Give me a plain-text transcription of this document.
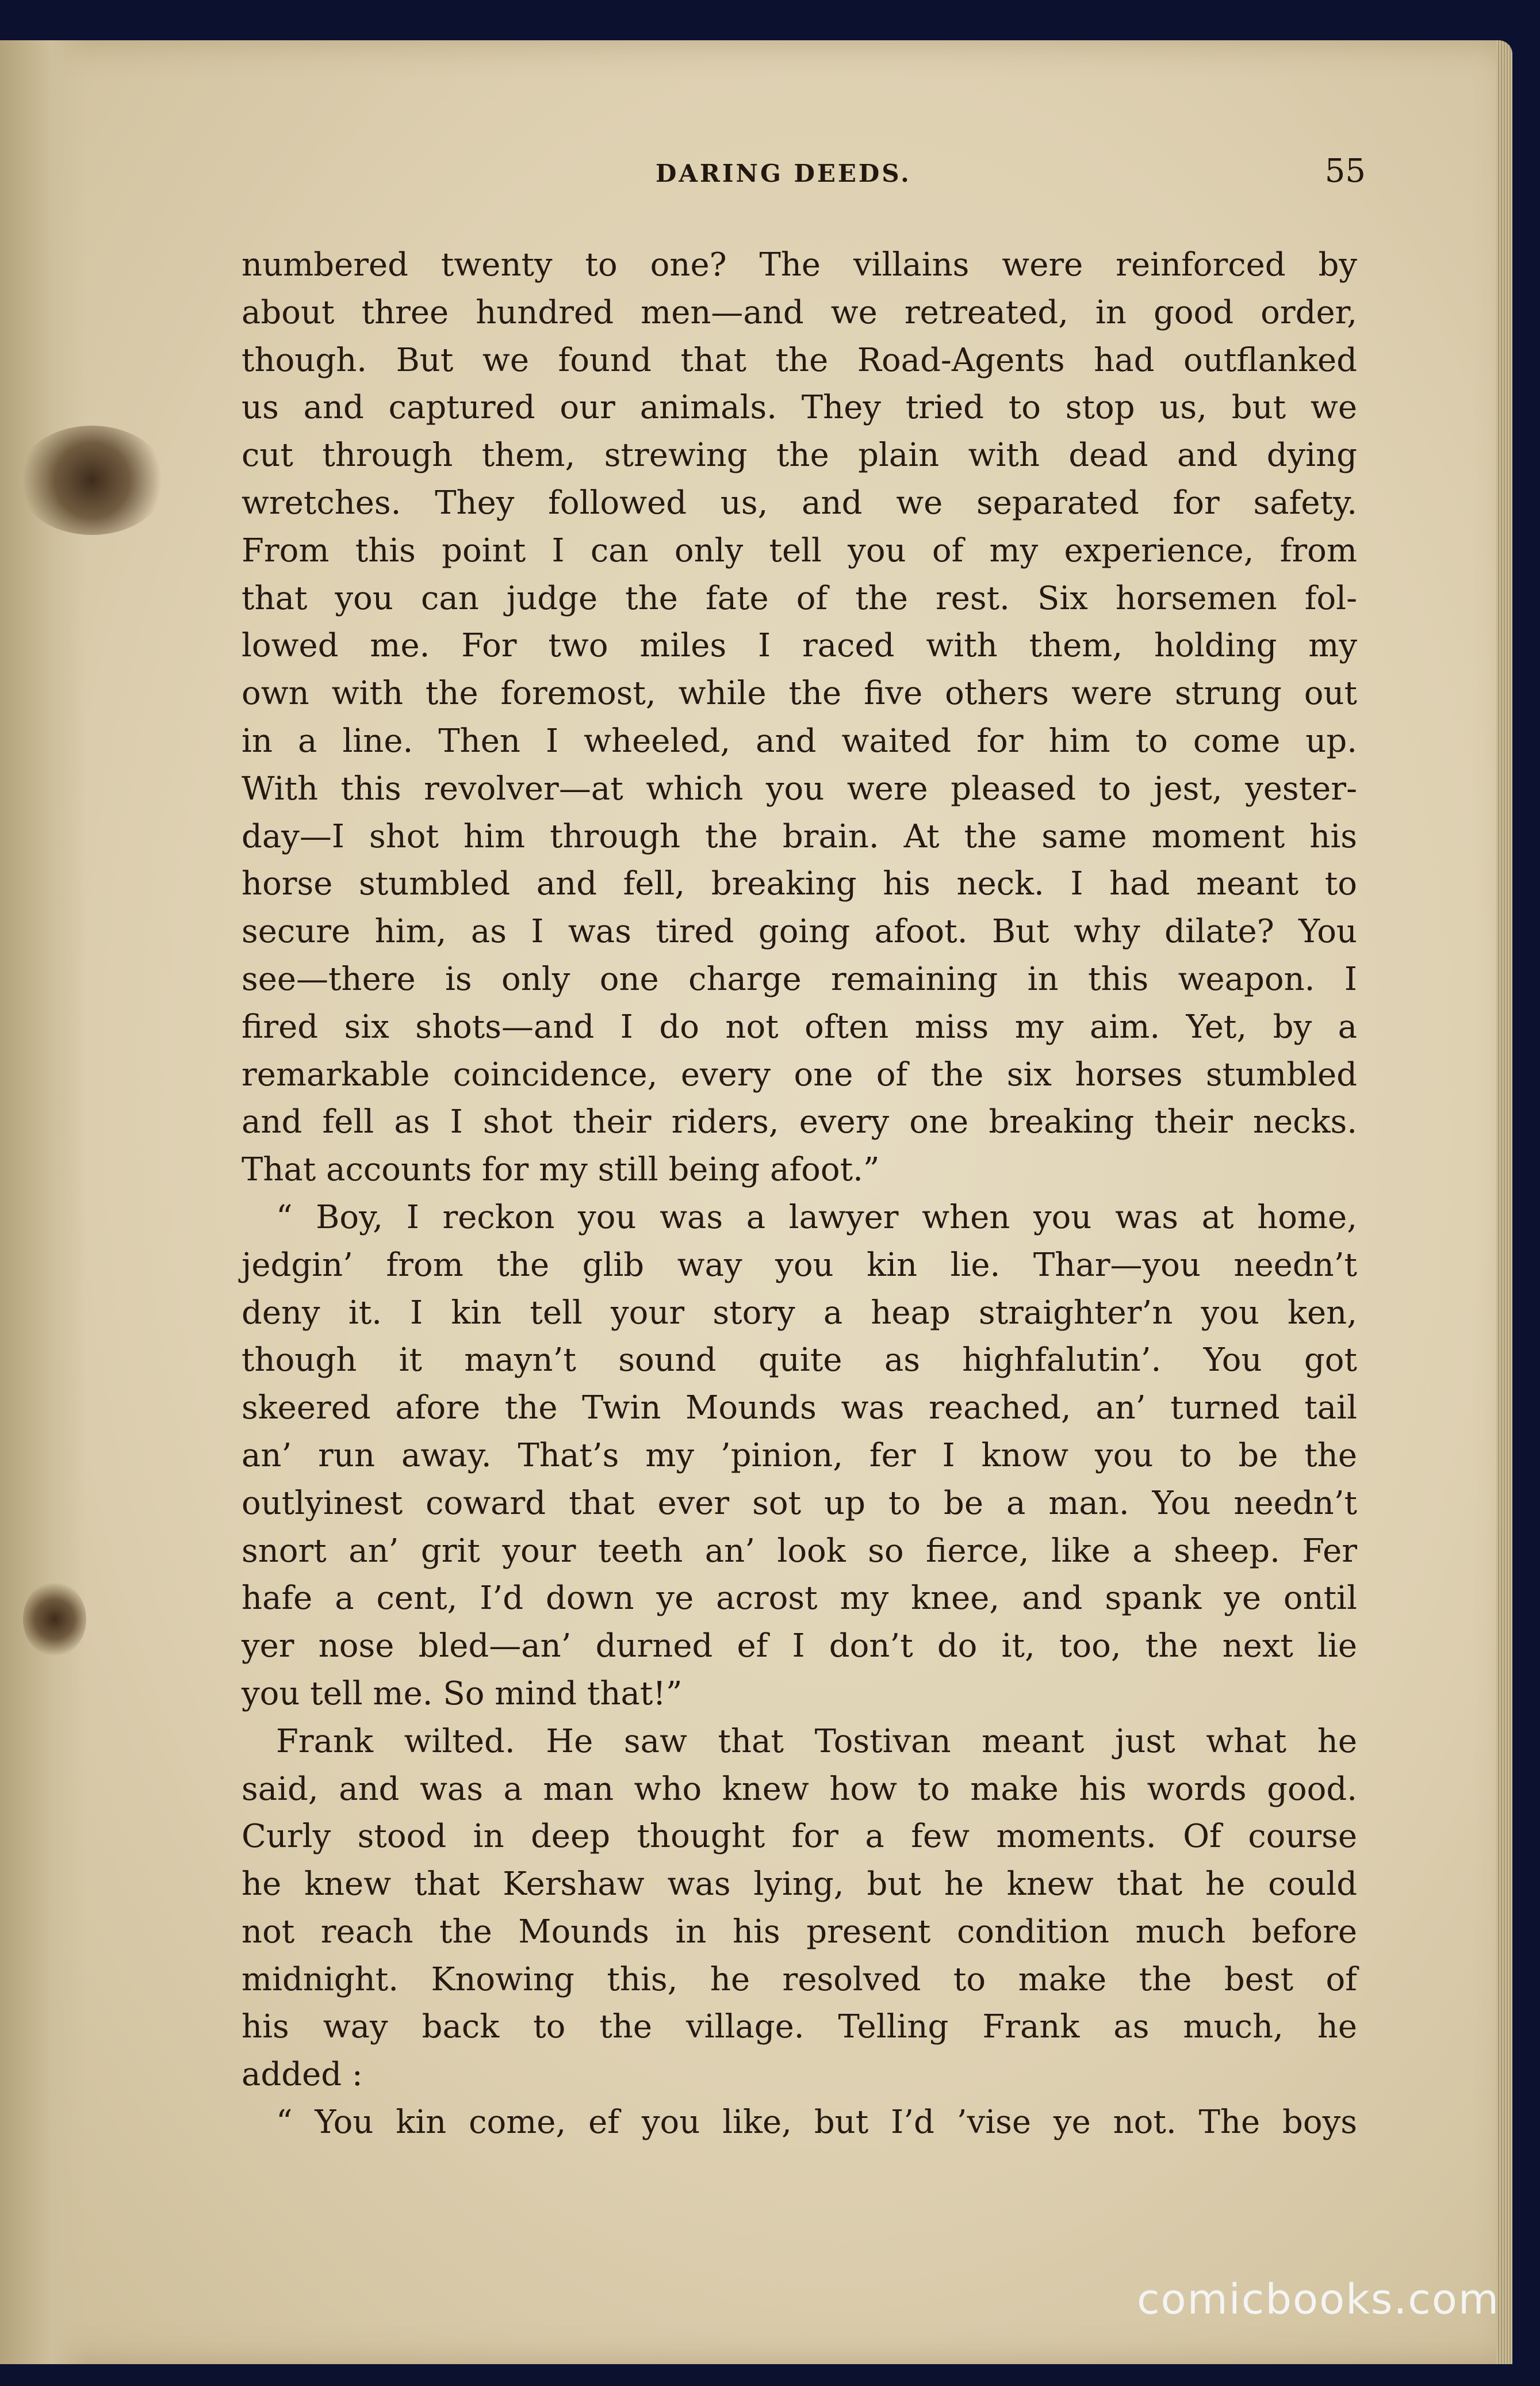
DARING DEEDS.	55
numbered twenty to one? The villains were reinforced by
about three hundred men—and we retreated, in good order,
though. But we found that the Road-Agents had outflanked
us and captured our animals. They tried to stop us, but we
cut through them, strewing the plain with dead and dying
wretches. They followed us, and we separated for safety.
From this point I can only tell you of my experience, from
that you can judge the fate of the rest. Six horsemen fol-
lowed me. For two miles I raced with them, holding my
own with the foremost, while the five others were strung out
in a line. Then I wheeled, and waited for him to come up.
With this revolver—at which you were pleased to jest, yester-
day—I shot him through the brain. At the same moment his
horse stumbled and fell, breaking his neck. I had meant to
secure him, as I was tired going afoot. But why dilate? You
see—there is only one charge remaining in this weapon. I
fired six shots—and I do not often miss my aim. Yet, by a
remarkable coincidence, every one of the six horses stumbled
and fell as I shot their riders, every one breaking their necks.
That accounts for my still being afoot.”
“ Boy, I reckon you was a lawyer when you was at home,
jedgin’ from the glib way you kin lie. Thar—you needn’t
deny it. I kin tell your story a heap straighter’n you ken,
though it mayn’t sound quite as highfalutin’. You got
skeered afore the Twin Mounds was reached, an’ turned tail
an’ run away. That’s my ’pinion, fer I know you to be the
outlyinest coward that ever sot up to be a man. You needn’t
snort an’ grit your teeth an’ look so fierce, like a sheep. Fer
hafe a cent, I’d down ye acrost my knee, and spank ye ontil
yer nose bled—an’ durned ef I don’t do it, too, the next lie
you tell me. So mind that!”
Frank wilted. He saw that Tostivan meant just what he
said, and was a man who knew how to make his words good.
Curly stood in deep thought for a few moments. Of course
he knew that Kershaw was lying, but he knew that he could
not reach the Mounds in his present condition much before
midnight. Knowing this, he resolved to make the best of
his way back to the village. Telling Frank as much, he
added :
“ You kin come, ef you like, but I’d ’vise ye not. The boys
comicbooks.com
